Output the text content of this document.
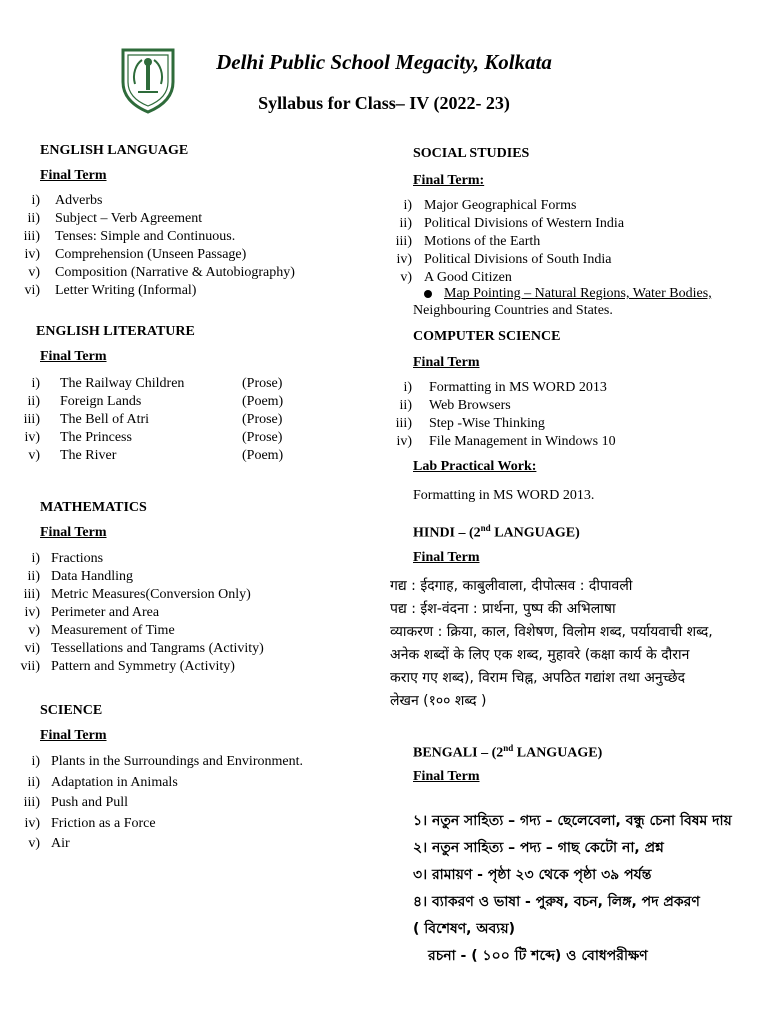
Delhi Public School Megacity, Kolkata
Syllabus for Class– IV (2022- 23)
ENGLISH LANGUAGE
Final Term
i) Adverbs
ii) Subject – Verb Agreement
iii) Tenses: Simple and Continuous.
iv) Comprehension (Unseen Passage)
v) Composition (Narrative & Autobiography)
vi) Letter Writing (Informal)
ENGLISH LITERATURE
Final Term
i) The Railway Children	(Prose)
ii) Foreign Lands	(Poem)
iii) The Bell of Atri	(Prose)
iv) The Princess	(Prose)
v) The River	(Poem)
MATHEMATICS
Final Term
i) Fractions
ii) Data Handling
iii) Metric Measures(Conversion Only)
iv) Perimeter and Area
v) Measurement of Time
vi) Tessellations and Tangrams (Activity)
vii) Pattern and Symmetry (Activity)
SCIENCE
Final Term
i) Plants in the Surroundings and Environment.
ii) Adaptation in Animals
iii) Push and Pull
iv) Friction as a Force
v) Air
SOCIAL STUDIES
Final Term:
i) Major Geographical Forms
ii) Political Divisions of Western India
iii) Motions of the Earth
iv) Political Divisions of South India
v) A Good Citizen
Map Pointing – Natural Regions, Water Bodies,
Neighbouring Countries and States.
COMPUTER SCIENCE
Final Term
i) Formatting in MS WORD 2013
ii) Web Browsers
iii) Step -Wise Thinking
iv) File Management in Windows 10
Lab Practical Work:
Formatting in MS WORD 2013.
HINDI – (2nd LANGUAGE)
Final Term
गद्य : ईदगाह, काबुलीवाला, दीपोत्सव : दीपावली
पद्य : ईश-वंदना : प्रार्थना, पुष्प की अभिलाषा
व्याकरण : क्रिया, काल, विशेषण, विलोम शब्द, पर्यायवाची शब्द,
अनेक शब्दों के लिए एक शब्द, मुहावरे (कक्षा कार्य के दौरान
कराए गए शब्द), विराम चिह्न, अपठित गद्यांश तथा अनुच्छेद
लेखन (१०० शब्द )
BENGALI – (2nd LANGUAGE)
Final Term
১। নতুন সাহিত্য – গদ্য – ছেলেবেলা, বন্ধু চেনা বিষম দায়
২। নতুন সাহিত্য – পদ্য – গাছ কেটো না, প্রশ্ন
৩। রামায়ণ - পৃষ্ঠা ২৩ থেকে পৃষ্ঠা ৩৯ পর্যন্ত
৪। ব্যাকরণ ও ভাষা - পুরুষ, বচন, লিঙ্গ, পদ প্রকরণ
( বিশেষণ, অব্যয়)
রচনা - ( ১০০ টি শব্দে) ও বোধপরীক্ষণ
